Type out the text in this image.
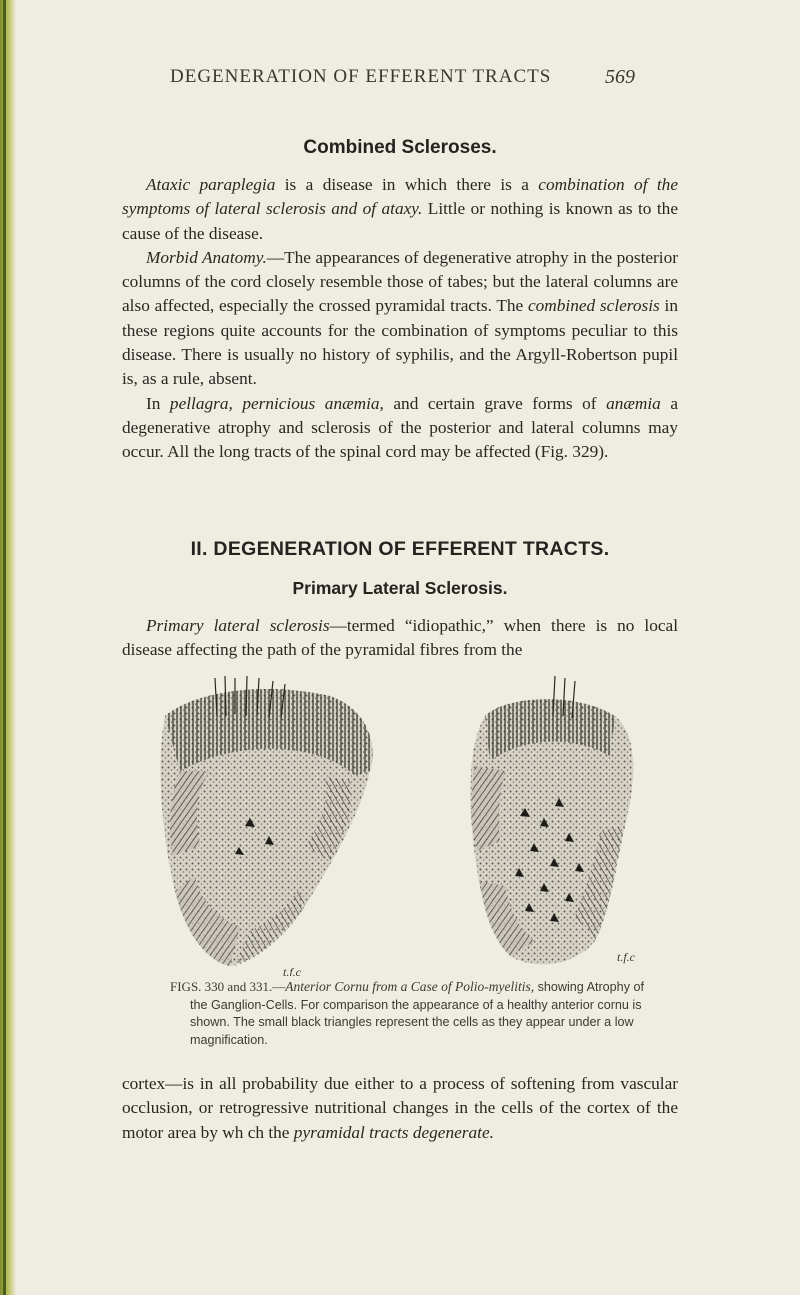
DEGENERATION OF EFFERENT TRACTS	569
Combined Scleroses.

Ataxic paraplegia is a disease in which there is a combination of the symptoms of lateral sclerosis and of ataxy. Little or nothing is known as to the cause of the disease.

Morbid Anatomy.—The appearances of degenerative atrophy in the posterior columns of the cord closely resemble those of tabes; but the lateral columns are also affected, especially the crossed pyramidal tracts. The combined sclerosis in these regions quite accounts for the combination of symptoms peculiar to this disease. There is usually no history of syphilis, and the Argyll-Robertson pupil is, as a rule, absent.

In pellagra, pernicious anæmia, and certain grave forms of anæmia a degenerative atrophy and sclerosis of the posterior and lateral columns may occur. All the long tracts of the spinal cord may be affected (Fig. 329).

II. DEGENERATION OF EFFERENT TRACTS.
Primary Lateral Sclerosis.

Primary lateral sclerosis—termed “idiopathic,” when there is no local disease affecting the path of the pyramidal fibres from the

t.f.c
t.f.c
FIGS. 330 and 331.—Anterior Cornu from a Case of Polio-myelitis, showing Atrophy of the Ganglion-Cells. For comparison the appearance of a healthy anterior cornu is shown. The small black triangles represent the cells as they appear under a low magnification.

cortex—is in all probability due either to a process of softening from vascular occlusion, or retrogressive nutritional changes in the cells of the cortex of the motor area by wh ch the pyramidal tracts degenerate.
